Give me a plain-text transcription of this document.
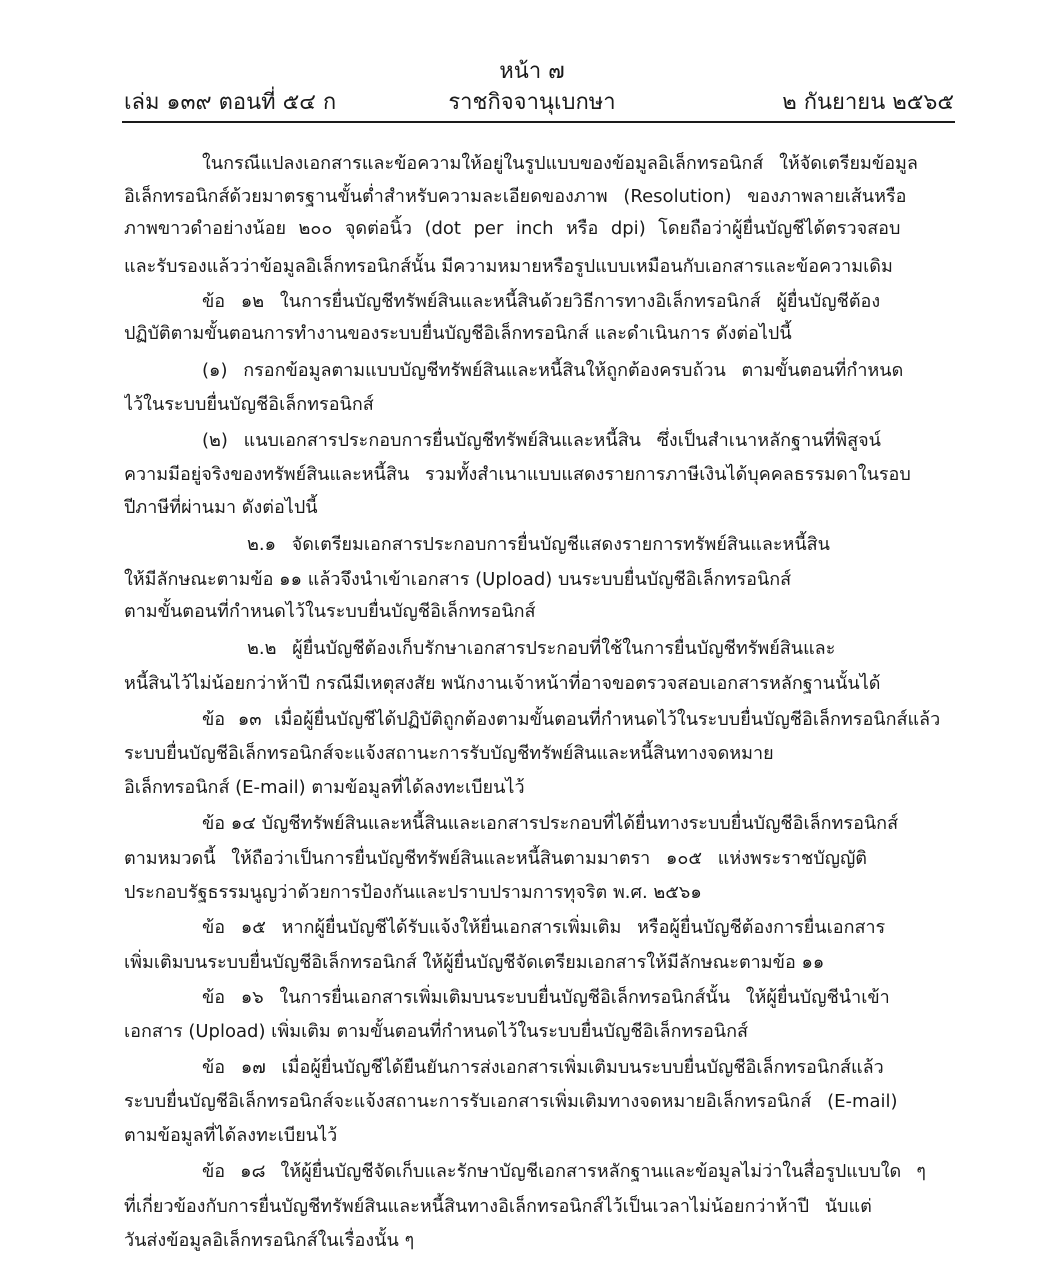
หน้า ๗
เล่ม ๑๓๙ ตอนที่ ๕๔ ก	ราชกิจจานุเบกษา	๒ กันยายน ๒๕๖๕
ในกรณีแปลงเอกสารและข้อความให้อยู่ในรูปแบบของข้อมูลอิเล็กทรอนิกส์ ให้จัดเตรียมข้อมูล
อิเล็กทรอนิกส์ด้วยมาตรฐานขั้นต่ำสำหรับความละเอียดของภาพ (Resolution) ของภาพลายเส้นหรือ
ภาพขาวดำอย่างน้อย ๒๐๐ จุดต่อนิ้ว (dot per inch หรือ dpi) โดยถือว่าผู้ยื่นบัญชีได้ตรวจสอบ
และรับรองแล้วว่าข้อมูลอิเล็กทรอนิกส์นั้น มีความหมายหรือรูปแบบเหมือนกับเอกสารและข้อความเดิม
ข้อ ๑๒ ในการยื่นบัญชีทรัพย์สินและหนี้สินด้วยวิธีการทางอิเล็กทรอนิกส์ ผู้ยื่นบัญชีต้อง
ปฏิบัติตามขั้นตอนการทำงานของระบบยื่นบัญชีอิเล็กทรอนิกส์ และดำเนินการ ดังต่อไปนี้
(๑) กรอกข้อมูลตามแบบบัญชีทรัพย์สินและหนี้สินให้ถูกต้องครบถ้วน ตามขั้นตอนที่กำหนด
ไว้ในระบบยื่นบัญชีอิเล็กทรอนิกส์
(๒) แนบเอกสารประกอบการยื่นบัญชีทรัพย์สินและหนี้สิน ซึ่งเป็นสำเนาหลักฐานที่พิสูจน์
ความมีอยู่จริงของทรัพย์สินและหนี้สิน รวมทั้งสำเนาแบบแสดงรายการภาษีเงินได้บุคคลธรรมดาในรอบ
ปีภาษีที่ผ่านมา ดังต่อไปนี้
๒.๑ จัดเตรียมเอกสารประกอบการยื่นบัญชีแสดงรายการทรัพย์สินและหนี้สิน
ให้มีลักษณะตามข้อ ๑๑ แล้วจึงนำเข้าเอกสาร (Upload) บนระบบยื่นบัญชีอิเล็กทรอนิกส์
ตามขั้นตอนที่กำหนดไว้ในระบบยื่นบัญชีอิเล็กทรอนิกส์
๒.๒ ผู้ยื่นบัญชีต้องเก็บรักษาเอกสารประกอบที่ใช้ในการยื่นบัญชีทรัพย์สินและ
หนี้สินไว้ไม่น้อยกว่าห้าปี กรณีมีเหตุสงสัย พนักงานเจ้าหน้าที่อาจขอตรวจสอบเอกสารหลักฐานนั้นได้
ข้อ ๑๓ เมื่อผู้ยื่นบัญชีได้ปฏิบัติถูกต้องตามขั้นตอนที่กำหนดไว้ในระบบยื่นบัญชีอิเล็กทรอนิกส์แล้ว
ระบบยื่นบัญชีอิเล็กทรอนิกส์จะแจ้งสถานะการรับบัญชีทรัพย์สินและหนี้สินทางจดหมาย
อิเล็กทรอนิกส์ (E-mail) ตามข้อมูลที่ได้ลงทะเบียนไว้
ข้อ ๑๔ บัญชีทรัพย์สินและหนี้สินและเอกสารประกอบที่ได้ยื่นทางระบบยื่นบัญชีอิเล็กทรอนิกส์
ตามหมวดนี้ ให้ถือว่าเป็นการยื่นบัญชีทรัพย์สินและหนี้สินตามมาตรา ๑๐๕ แห่งพระราชบัญญัติ
ประกอบรัฐธรรมนูญว่าด้วยการป้องกันและปราบปรามการทุจริต พ.ศ. ๒๕๖๑
ข้อ ๑๕ หากผู้ยื่นบัญชีได้รับแจ้งให้ยื่นเอกสารเพิ่มเติม หรือผู้ยื่นบัญชีต้องการยื่นเอกสาร
เพิ่มเติมบนระบบยื่นบัญชีอิเล็กทรอนิกส์ ให้ผู้ยื่นบัญชีจัดเตรียมเอกสารให้มีลักษณะตามข้อ ๑๑
ข้อ ๑๖ ในการยื่นเอกสารเพิ่มเติมบนระบบยื่นบัญชีอิเล็กทรอนิกส์นั้น ให้ผู้ยื่นบัญชีนำเข้า
เอกสาร (Upload) เพิ่มเติม ตามขั้นตอนที่กำหนดไว้ในระบบยื่นบัญชีอิเล็กทรอนิกส์
ข้อ ๑๗ เมื่อผู้ยื่นบัญชีได้ยืนยันการส่งเอกสารเพิ่มเติมบนระบบยื่นบัญชีอิเล็กทรอนิกส์แล้ว
ระบบยื่นบัญชีอิเล็กทรอนิกส์จะแจ้งสถานะการรับเอกสารเพิ่มเติมทางจดหมายอิเล็กทรอนิกส์ (E-mail)
ตามข้อมูลที่ได้ลงทะเบียนไว้
ข้อ ๑๘ ให้ผู้ยื่นบัญชีจัดเก็บและรักษาบัญชีเอกสารหลักฐานและข้อมูลไม่ว่าในสื่อรูปแบบใด ๆ
ที่เกี่ยวข้องกับการยื่นบัญชีทรัพย์สินและหนี้สินทางอิเล็กทรอนิกส์ไว้เป็นเวลาไม่น้อยกว่าห้าปี นับแต่
วันส่งข้อมูลอิเล็กทรอนิกส์ในเรื่องนั้น ๆ
